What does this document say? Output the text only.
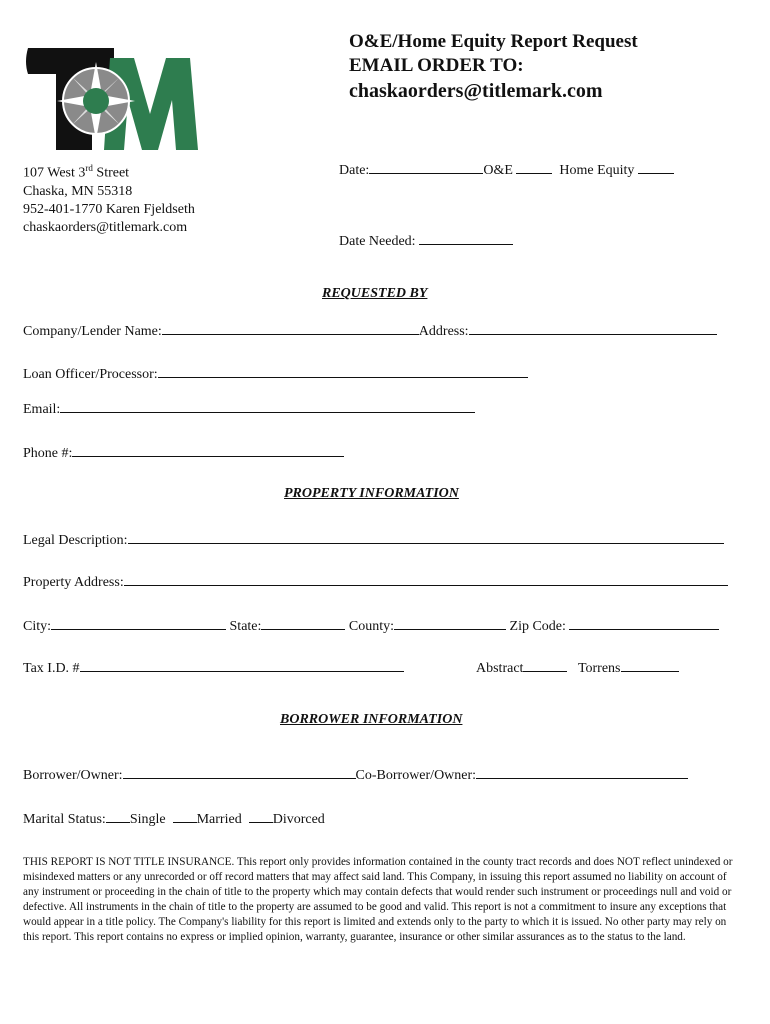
O&E/Home Equity Report Request
EMAIL ORDER TO:
chaskaorders@titlemark.com
107 West 3rd Street
Chaska, MN 55318
952-401-1770 Karen Fjeldseth
chaskaorders@titlemark.com
Date:	O&E	Home Equity
Date Needed:
REQUESTED BY
Company/Lender Name:	Address:
Loan Officer/Processor:
Email:
Phone #:
PROPERTY INFORMATION
Legal Description:
Property Address:
City:	State:	County:	Zip Code:
Tax I.D. #	Abstract	Torrens
BORROWER INFORMATION
Borrower/Owner:	Co-Borrower/Owner:
Marital Status: Single Married Divorced
THIS REPORT IS NOT TITLE INSURANCE. This report only provides information contained in the county tract records and does NOT reflect unindexed or misindexed matters or any unrecorded or off record matters that may affect said land. This Company, in issuing this report assumed no liability on account of any instrument or proceeding in the chain of title to the property which may contain defects that would render such instrument or proceedings null and void or defective. All instruments in the chain of title to the property are assumed to be good and valid. This report is not a commitment to insure any exceptions that would appear in a title policy. The Company's liability for this report is limited and extends only to the party to which it is issued. No other party may rely on this report. This report contains no express or implied opinion, warranty, guarantee, insurance or other similar assurances as to the status to the land.
